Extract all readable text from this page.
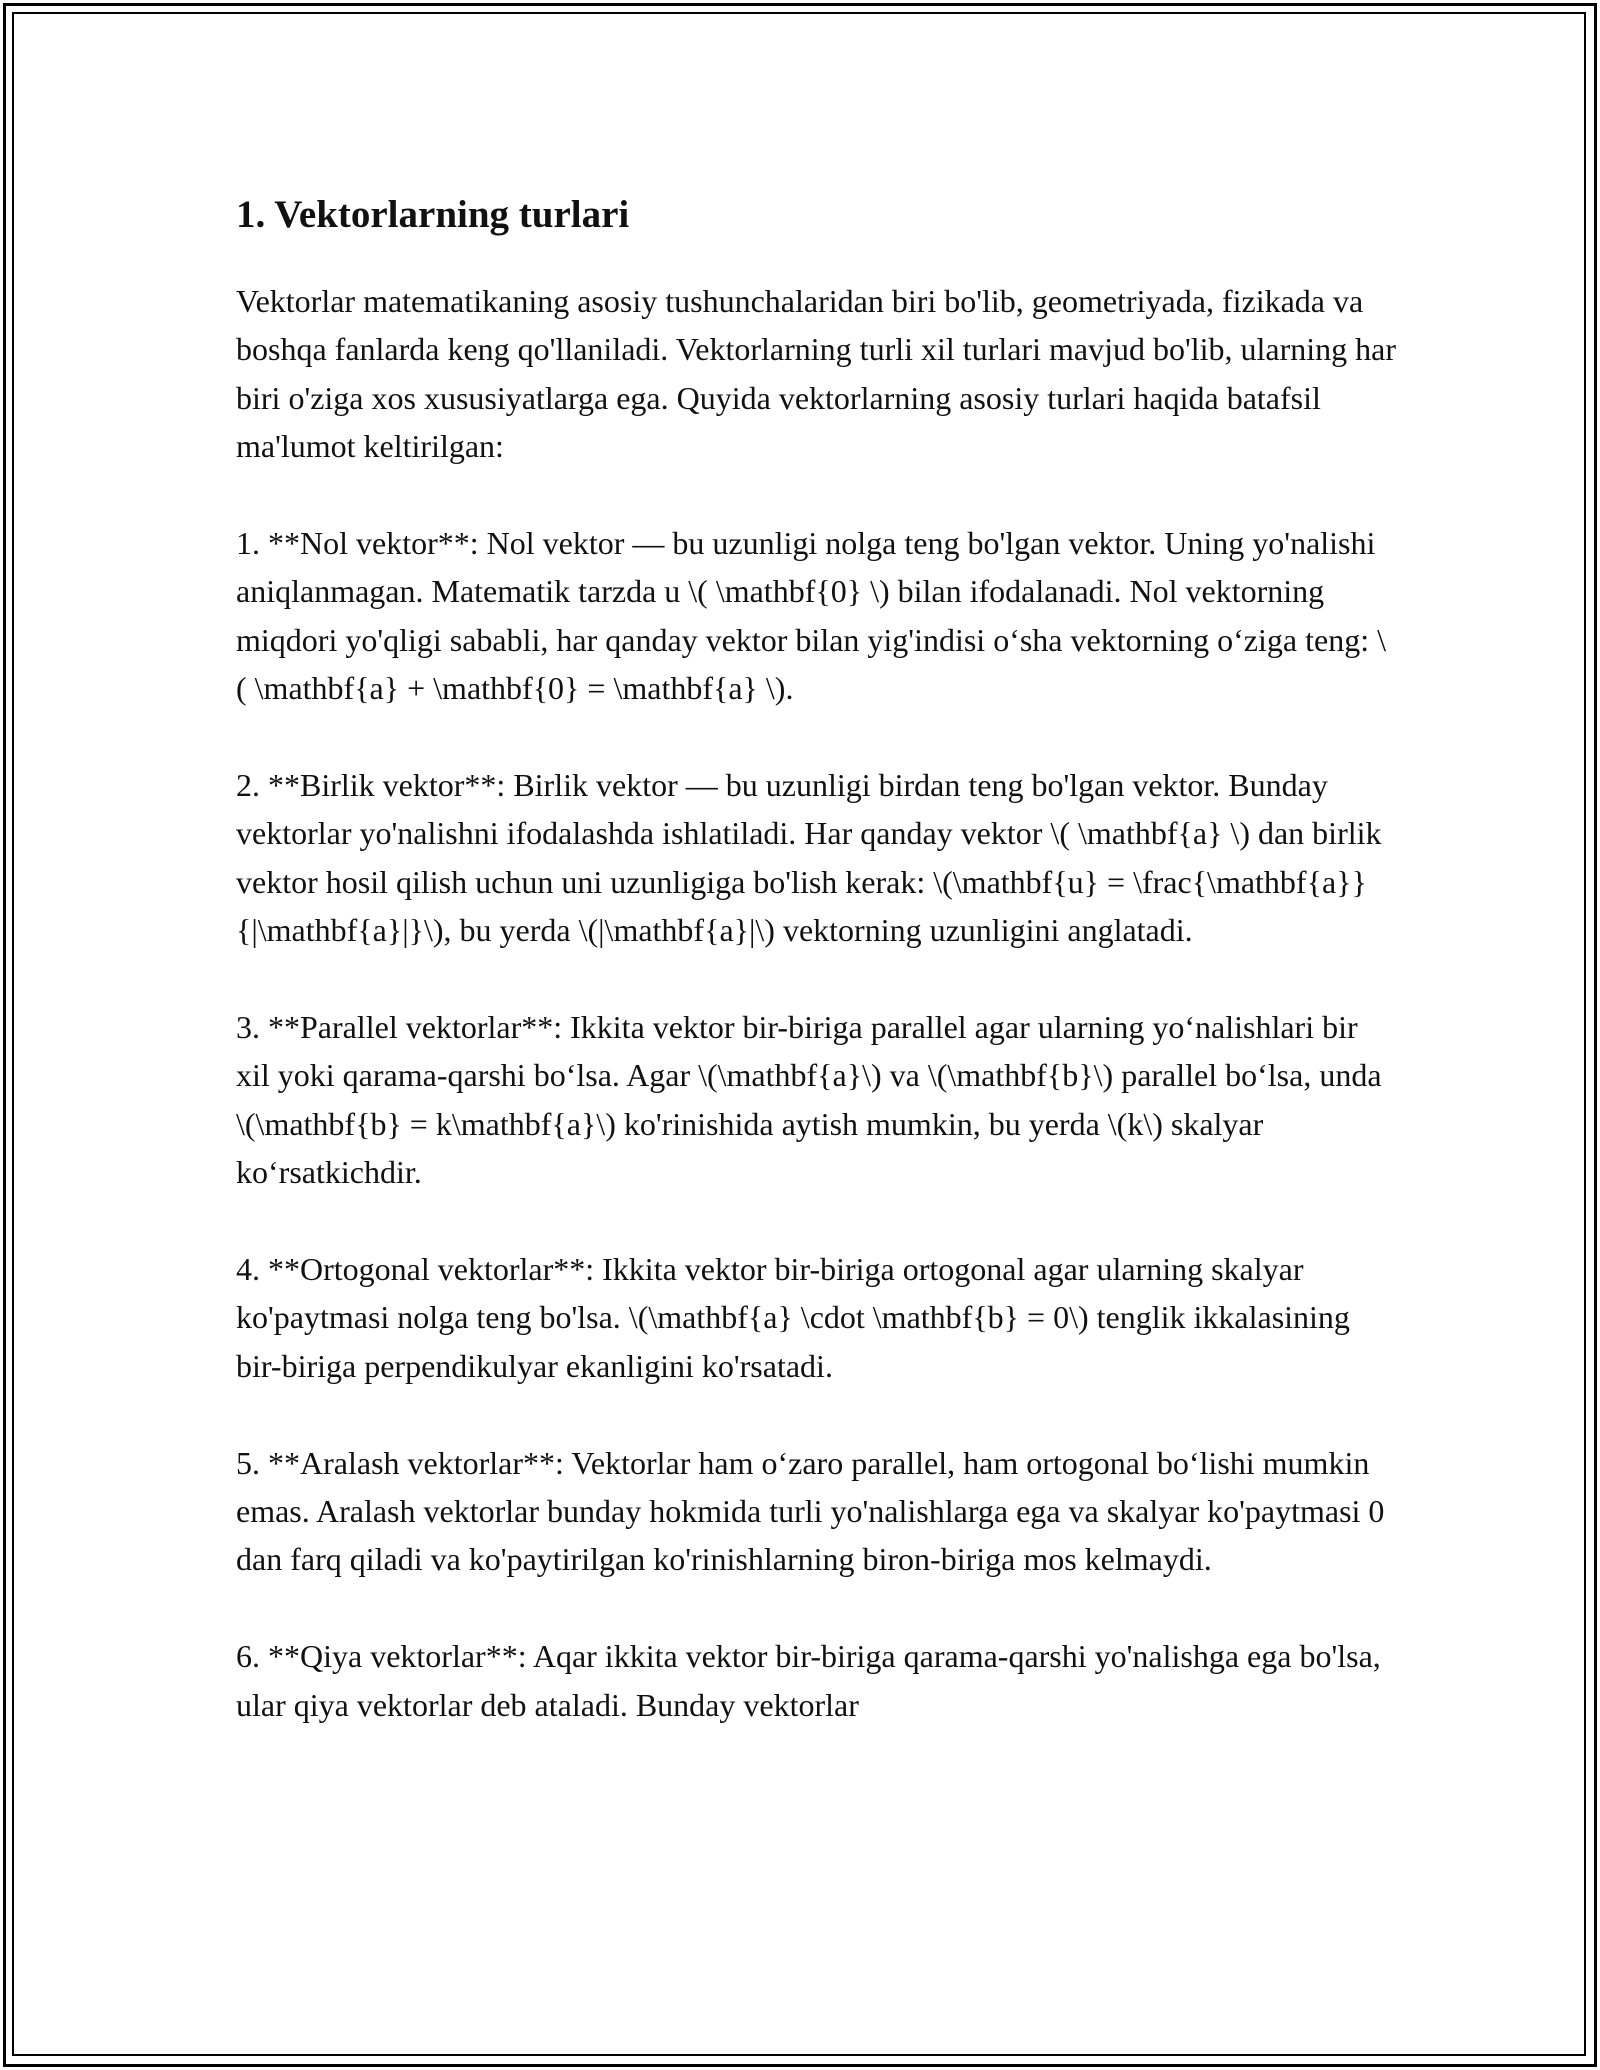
1. Vektorlarning turlari

Vektorlar matematikaning asosiy tushunchalaridan biri bo'lib, geometriyada, fizikada va boshqa fanlarda keng qo'llaniladi. Vektorlarning turli xil turlari mavjud bo'lib, ularning har biri o'ziga xos xususiyatlarga ega. Quyida vektorlarning asosiy turlari haqida batafsil ma'lumot keltirilgan:

1. **Nol vektor**: Nol vektor — bu uzunligi nolga teng bo'lgan vektor. Uning yo'nalishi aniqlanmagan. Matematik tarzda u \( \mathbf{0} \) bilan ifodalanadi. Nol vektorning miqdori yo'qligi sababli, har qanday vektor bilan yig'indisi o‘sha vektorning o‘ziga teng: \( \mathbf{a} + \mathbf{0} = \mathbf{a} \).

2. **Birlik vektor**: Birlik vektor — bu uzunligi birdan teng bo'lgan vektor. Bunday vektorlar yo'nalishni ifodalashda ishlatiladi. Har qanday vektor \( \mathbf{a} \) dan birlik vektor hosil qilish uchun uni uzunligiga bo'lish kerak: \(\mathbf{u} = \frac{\mathbf{a}}{|\mathbf{a}|}\), bu yerda \(|\mathbf{a}|\) vektorning uzunligini anglatadi.

3. **Parallel vektorlar**: Ikkita vektor bir-biriga parallel agar ularning yo‘nalishlari bir xil yoki qarama-qarshi bo‘lsa. Agar \(\mathbf{a}\) va \(\mathbf{b}\) parallel bo‘lsa, unda \(\mathbf{b} = k\mathbf{a}\) ko'rinishida aytish mumkin, bu yerda \(k\) skalyar ko‘rsatkichdir.

4. **Ortogonal vektorlar**: Ikkita vektor bir-biriga ortogonal agar ularning skalyar ko'paytmasi nolga teng bo'lsa. \(\mathbf{a} \cdot \mathbf{b} = 0\) tenglik ikkalasining bir-biriga perpendikulyar ekanligini ko'rsatadi.

5. **Aralash vektorlar**: Vektorlar ham o‘zaro parallel, ham ortogonal bo‘lishi mumkin emas. Aralash vektorlar bunday hokmida turli yo'nalishlarga ega va skalyar ko'paytmasi 0 dan farq qiladi va ko'paytirilgan ko'rinishlarning biron-biriga mos kelmaydi.

6. **Qiya vektorlar**: Aqar ikkita vektor bir-biriga qarama-qarshi yo'nalishga ega bo'lsa, ular qiya vektorlar deb ataladi. Bunday vektorlar
